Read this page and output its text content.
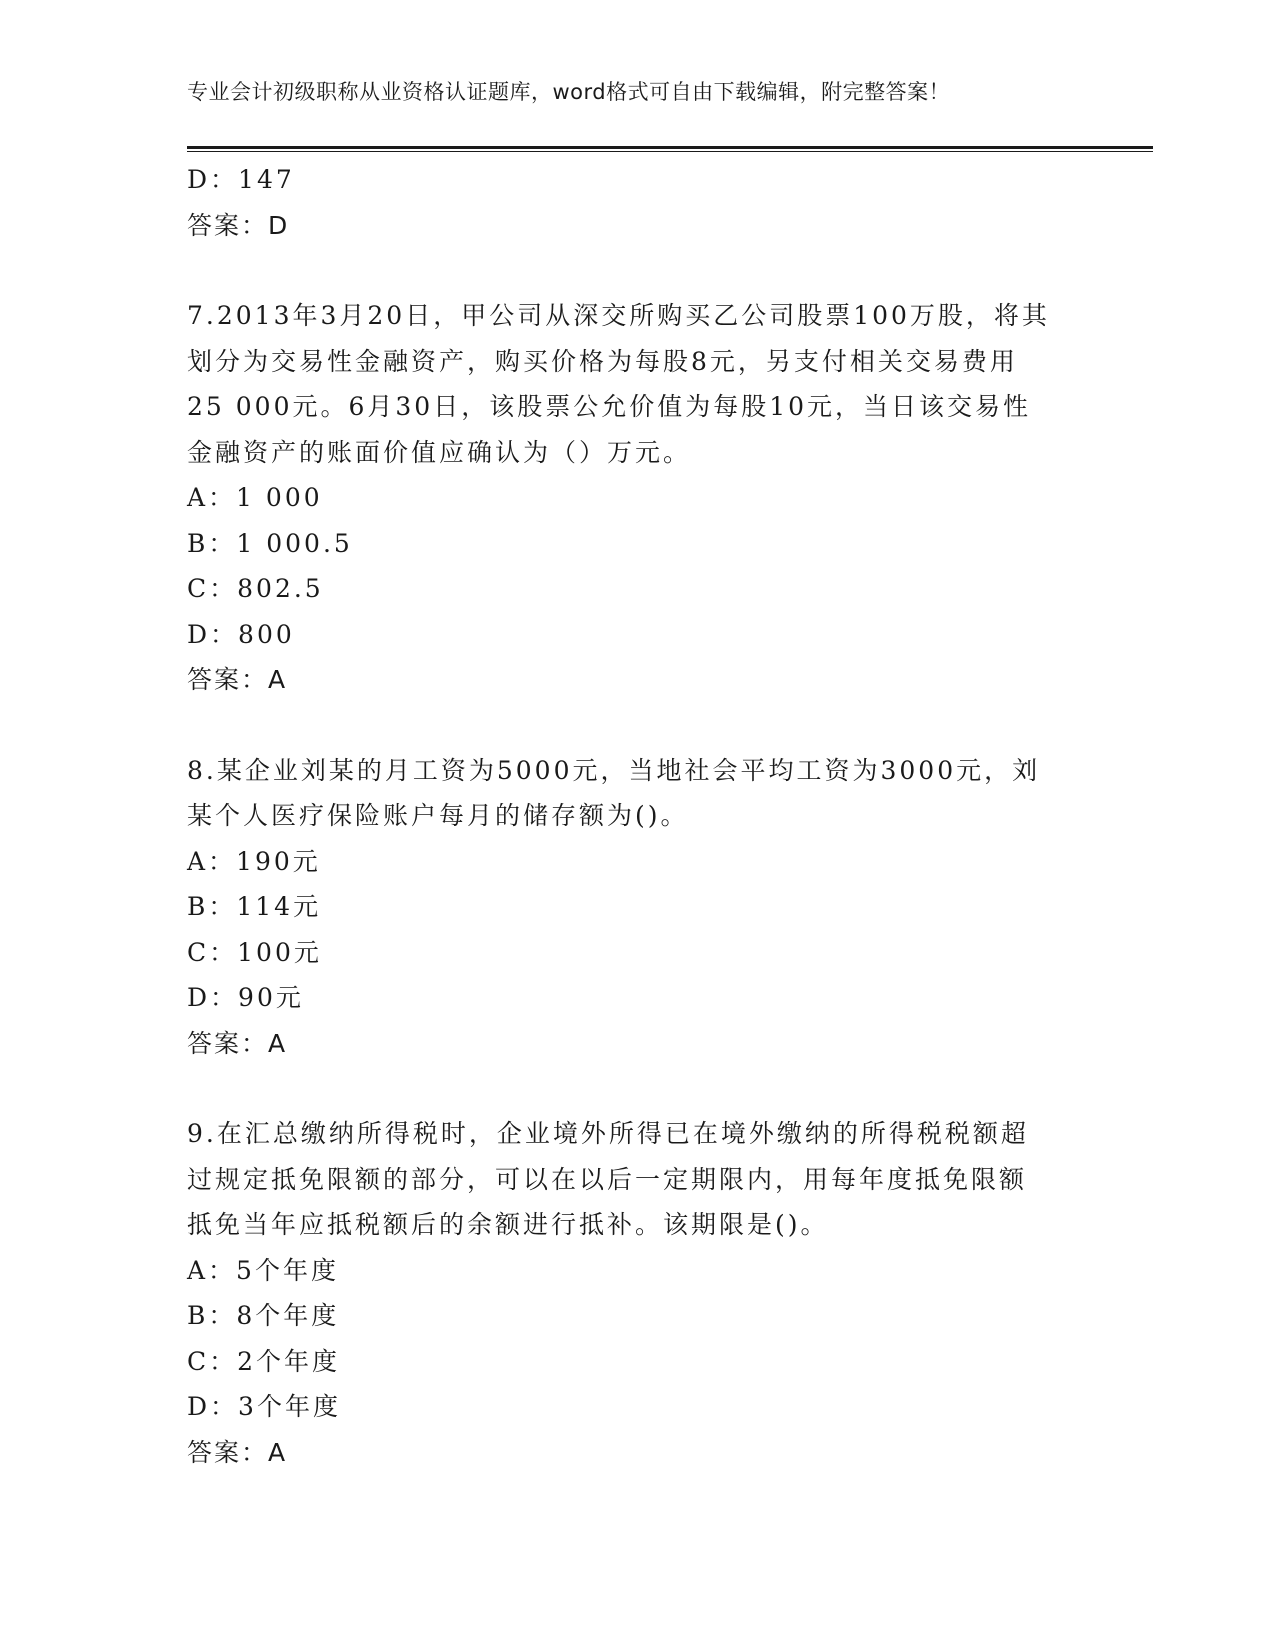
专业会计初级职称从业资格认证题库，word格式可自由下载编辑，附完整答案！
D：147
答案：D
7.2013年3月20日，甲公司从深交所购买乙公司股票100万股，将其
划分为交易性金融资产，购买价格为每股8元，另支付相关交易费用
25 000元。6月30日，该股票公允价值为每股10元，当日该交易性
金融资产的账面价值应确认为（）万元。
A：1 000
B：1 000.5
C：802.5
D：800
答案：A
8.某企业刘某的月工资为5000元，当地社会平均工资为3000元，刘
某个人医疗保险账户每月的储存额为()。
A：190元
B：114元
C：100元
D：90元
答案：A
9.在汇总缴纳所得税时，企业境外所得已在境外缴纳的所得税税额超
过规定抵免限额的部分，可以在以后一定期限内，用每年度抵免限额
抵免当年应抵税额后的余额进行抵补。该期限是()。
A：5个年度
B：8个年度
C：2个年度
D：3个年度
答案：A
